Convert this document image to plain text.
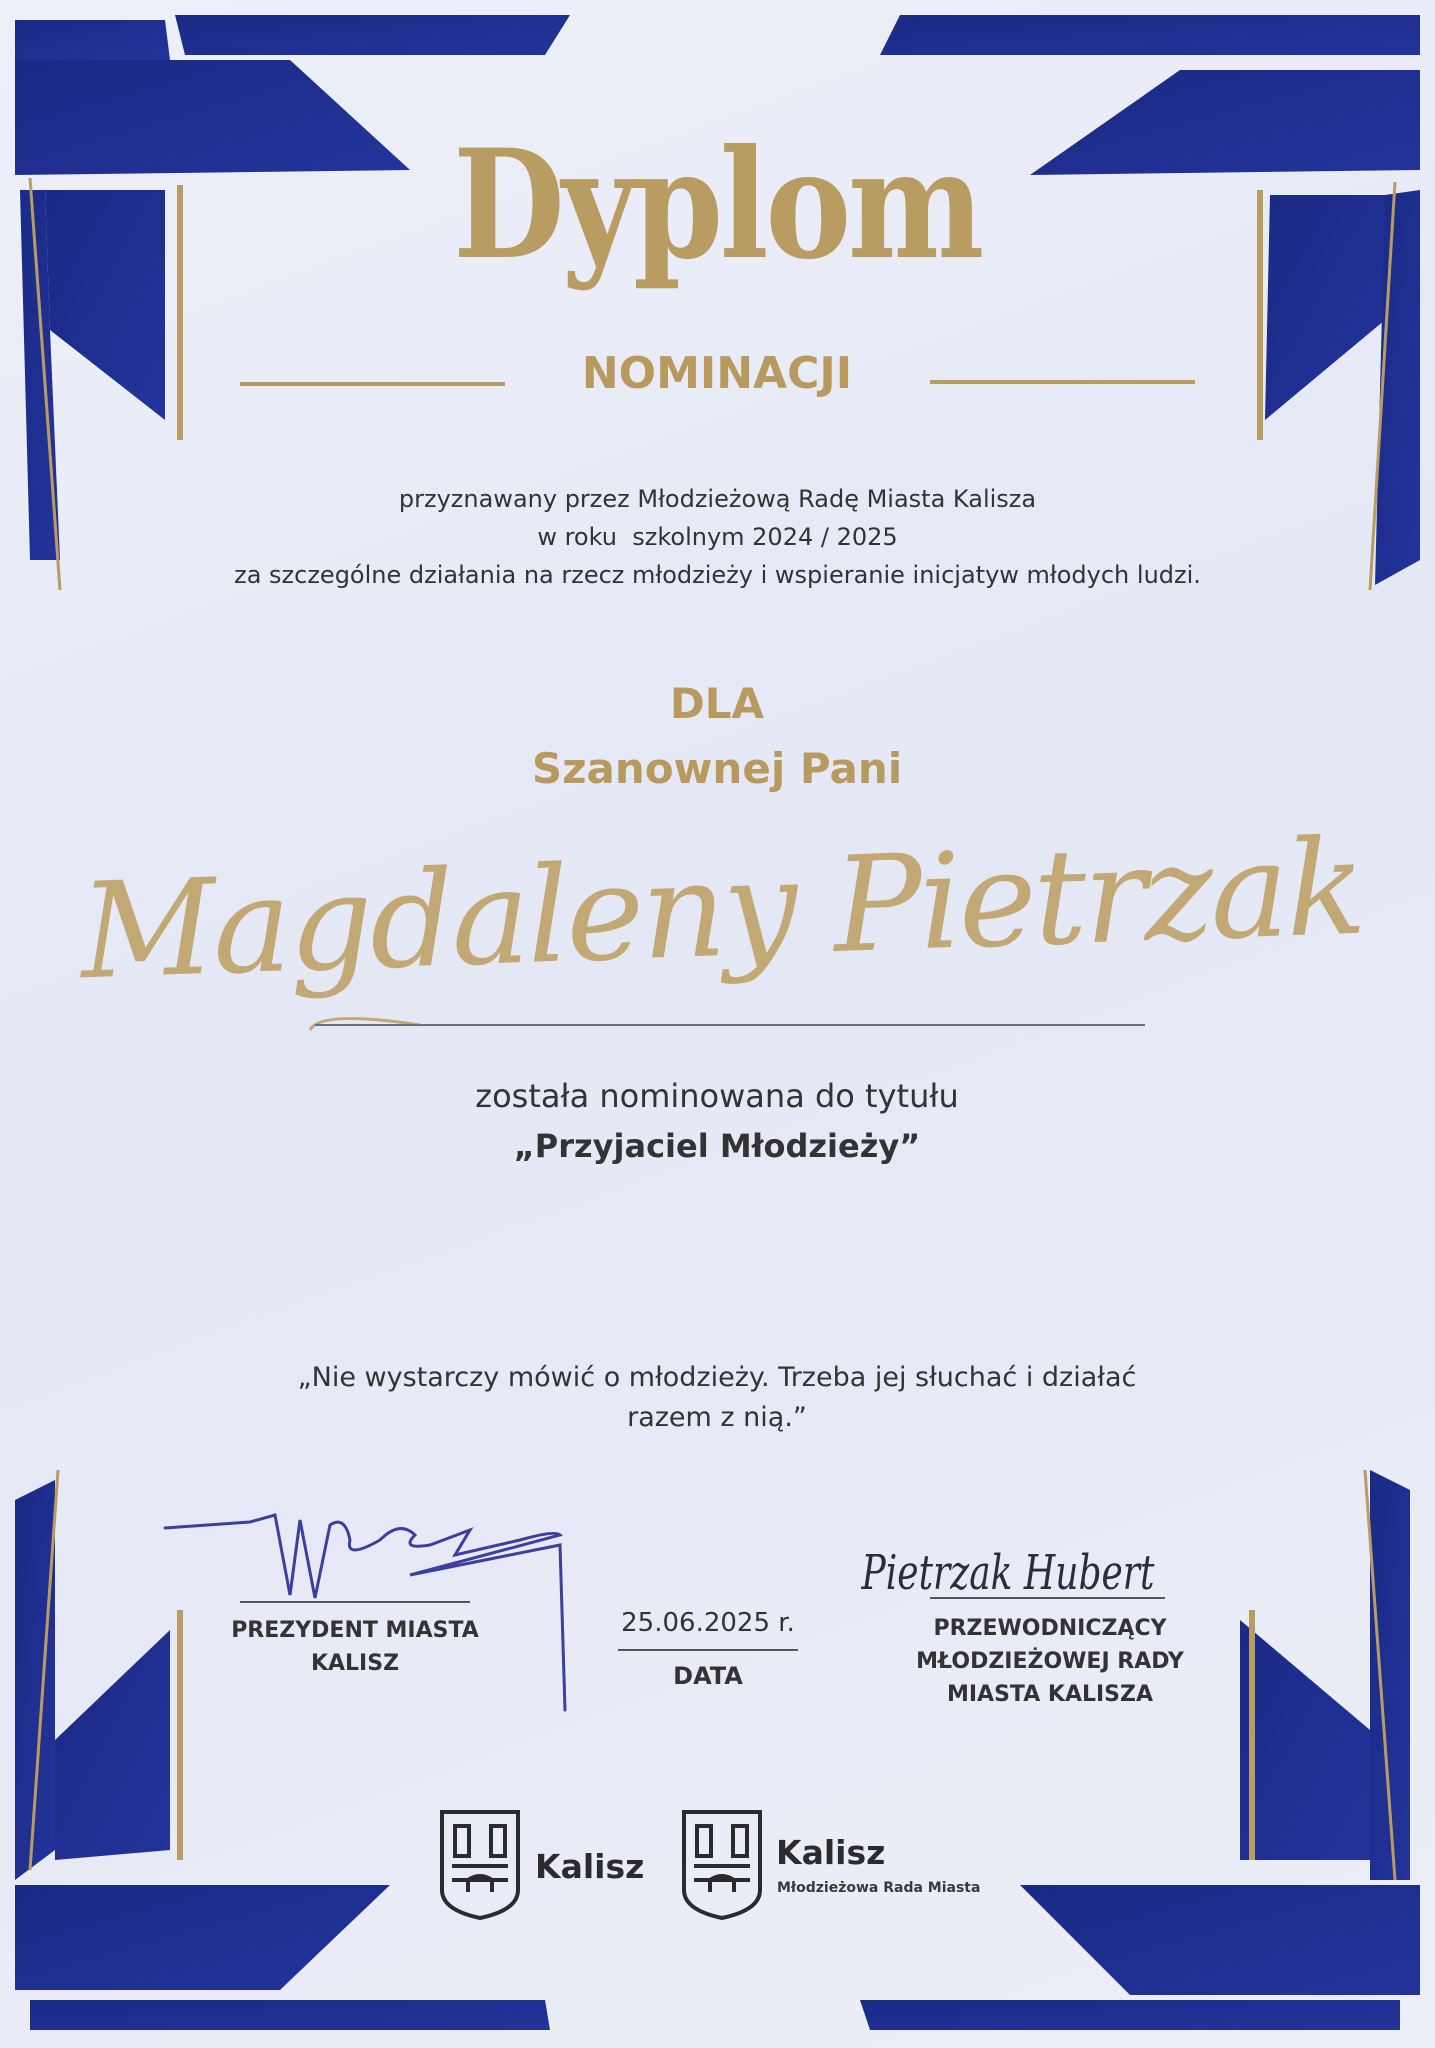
Magdaleny Pietrzak
Pietrzak Hubert
Dyplom
NOMINACJI
przyznawany przez Młodzieżową Radę Miasta Kalisza
w roku  szkolnym 2024 / 2025
za szczególne działania na rzecz młodzieży i wspieranie inicjatyw młodych ludzi.
DLA
Szanownej Pani
została nominowana do tytułu
„Przyjaciel Młodzieży”
„Nie wystarczy mówić o młodzieży. Trzeba jej słuchać i działać
razem z nią.”
PREZYDENT MIASTA
KALISZ
25.06.2025 r.
DATA
PRZEWODNICZĄCY
MŁODZIEŻOWEJ RADY
MIASTA KALISZA
Kalisz	Kalisz
Młodzieżowa Rada Miasta
